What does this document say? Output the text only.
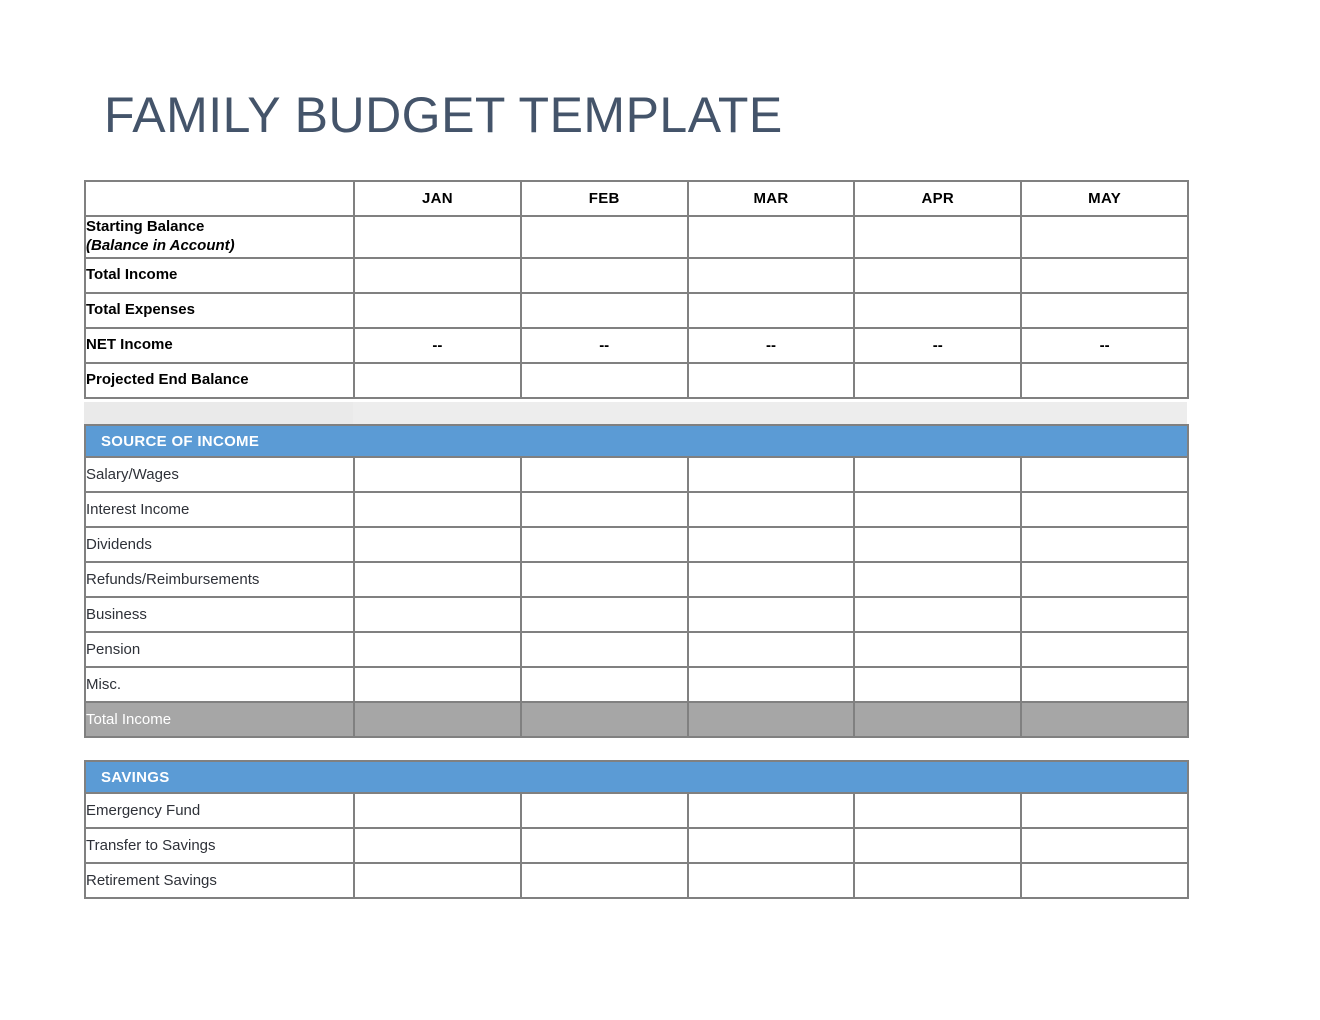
FAMILY BUDGET TEMPLATE
MONTH	JAN	FEB	MAR	APR	MAY
Starting Balance
(Balance in Account)					

Total Income					
Total Expenses					
NET Income	--	--	--	--	--
Projected End Balance					
SOURCE OF INCOME					
Salary/Wages					
Interest Income					
Dividends					
Refunds/Reimbursements					
Business					
Pension					
Misc.					
Total Income					
SAVINGS					
Emergency Fund					
Transfer to Savings					
Retirement Savings					
